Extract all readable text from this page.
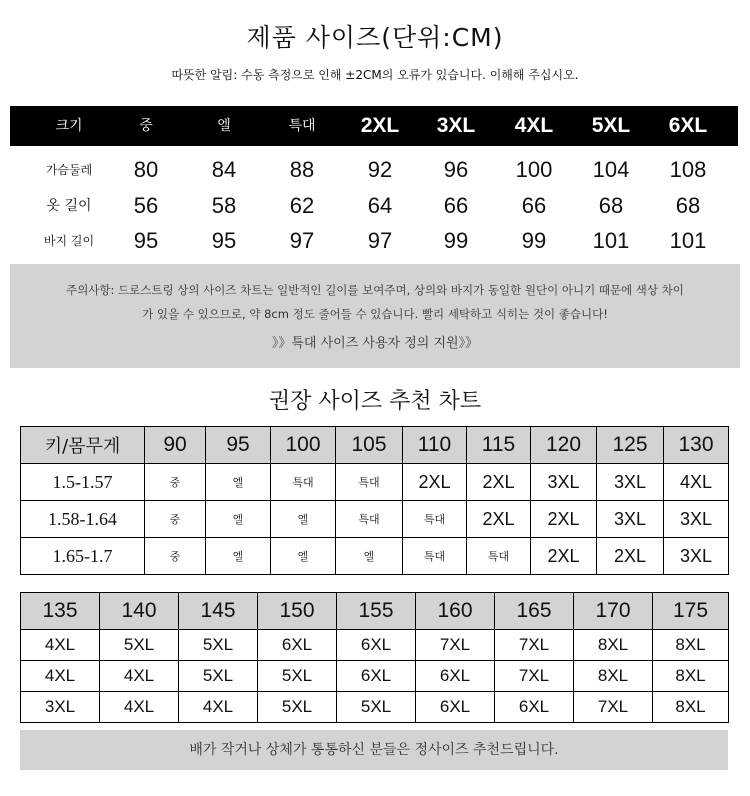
제품 사이즈(단위:CM)
따뜻한 알림: 수동 측정으로 인해 ±2CM의 오류가 있습니다. 이해해 주십시오.
크기	중	엘	특대	2XL	3XL	4XL	5XL	6XL
가슴둘레	80	84	88	92	96	100	104	108
옷 길이	56	58	62	64	66	66	68	68
바지 길이	95	95	97	97	99	99	101	101
주의사항: 드로스트링 상의 사이즈 차트는 일반적인 길이를 보여주며, 상의와 바지가 동일한 원단이 아니기 때문에 색상 차이
가 있을 수 있으므로, 약 8cm 정도 줄어들 수 있습니다. 빨리 세탁하고 식히는 것이 좋습니다!
》》특대 사이즈 사용자 정의 지원》》
권장 사이즈 추천 차트
키/몸무게	90	95	100	105	110	115	120	125	130
1.5-1.57	중	엘	특대	특대	2XL	2XL	3XL	3XL	4XL
1.58-1.64	중	엘	엘	특대	특대	2XL	2XL	3XL	3XL
1.65-1.7	중	엘	엘	엘	특대	특대	2XL	2XL	3XL
135	140	145	150	155	160	165	170	175
4XL	5XL	5XL	6XL	6XL	7XL	7XL	8XL	8XL
4XL	4XL	5XL	5XL	6XL	6XL	7XL	8XL	8XL
3XL	4XL	4XL	5XL	5XL	6XL	6XL	7XL	8XL
배가 작거나 상체가 통통하신 분들은 정사이즈 추천드립니다.
